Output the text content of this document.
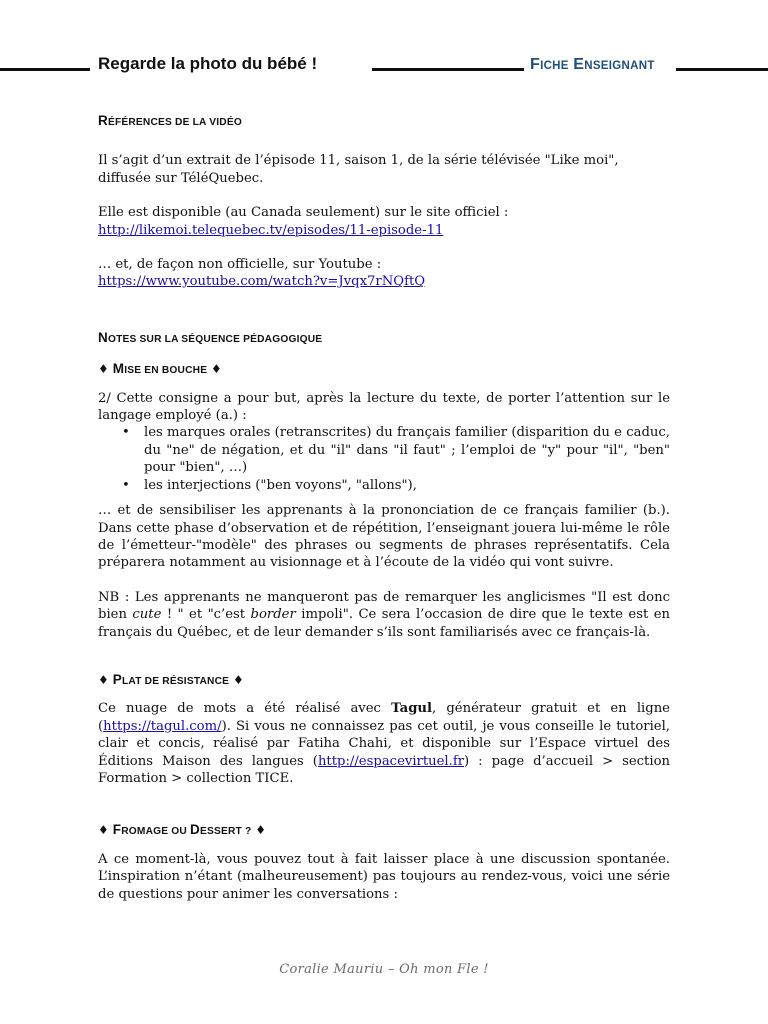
Regarde la photo du bébé !	FICHE ENSEIGNANT
RÉFÉRENCES DE LA VIDÉO

Il s’agit d’un extrait de l’épisode 11, saison 1, de la série télévisée "Like moi", diffusée sur TéléQuebec.

Elle est disponible (au Canada seulement) sur le site officiel :

http://likemoi.telequebec.tv/episodes/11-episode-11

… et, de façon non officielle, sur Youtube :

https://www.youtube.com/watch?v=Jvqx7rNQftQ

NOTES SUR LA SÉQUENCE PÉDAGOGIQUE
♦ MISE EN BOUCHE ♦

2/ Cette consigne a pour but, après la lecture du texte, de porter l’attention sur le langage employé (a.) :

• les marques orales (retranscrites) du français familier (disparition du e caduc, du "ne" de négation, et du "il" dans "il faut" ; l’emploi de "y" pour "il", "ben" pour "bien", …)
• les interjections ("ben voyons", "allons"),

… et de sensibiliser les apprenants à la prononciation de ce français familier (b.). Dans cette phase d’observation et de répétition, l’enseignant jouera lui-même le rôle de l’émetteur-"modèle" des phrases ou segments de phrases représentatifs. Cela préparera notamment au visionnage et à l’écoute de la vidéo qui vont suivre.

NB : Les apprenants ne manqueront pas de remarquer les anglicismes "Il est donc bien cute ! " et "c’est border impoli". Ce sera l’occasion de dire que le texte est en français du Québec, et de leur demander s’ils sont familiarisés avec ce français-là.

♦ PLAT DE RÉSISTANCE ♦

Ce nuage de mots a été réalisé avec Tagul, générateur gratuit et en ligne (https://tagul.com/). Si vous ne connaissez pas cet outil, je vous conseille le tutoriel, clair et concis, réalisé par Fatiha Chahi, et disponible sur l’Espace virtuel des Éditions Maison des langues (http://espacevirtuel.fr) : page d’accueil > section Formation > collection TICE.

♦ FROMAGE OU DESSERT ? ♦

A ce moment-là, vous pouvez tout à fait laisser place à une discussion spontanée. L’inspiration n’étant (malheureusement) pas toujours au rendez-vous, voici une série de questions pour animer les conversations :

Coralie Mauriu – Oh mon Fle !
